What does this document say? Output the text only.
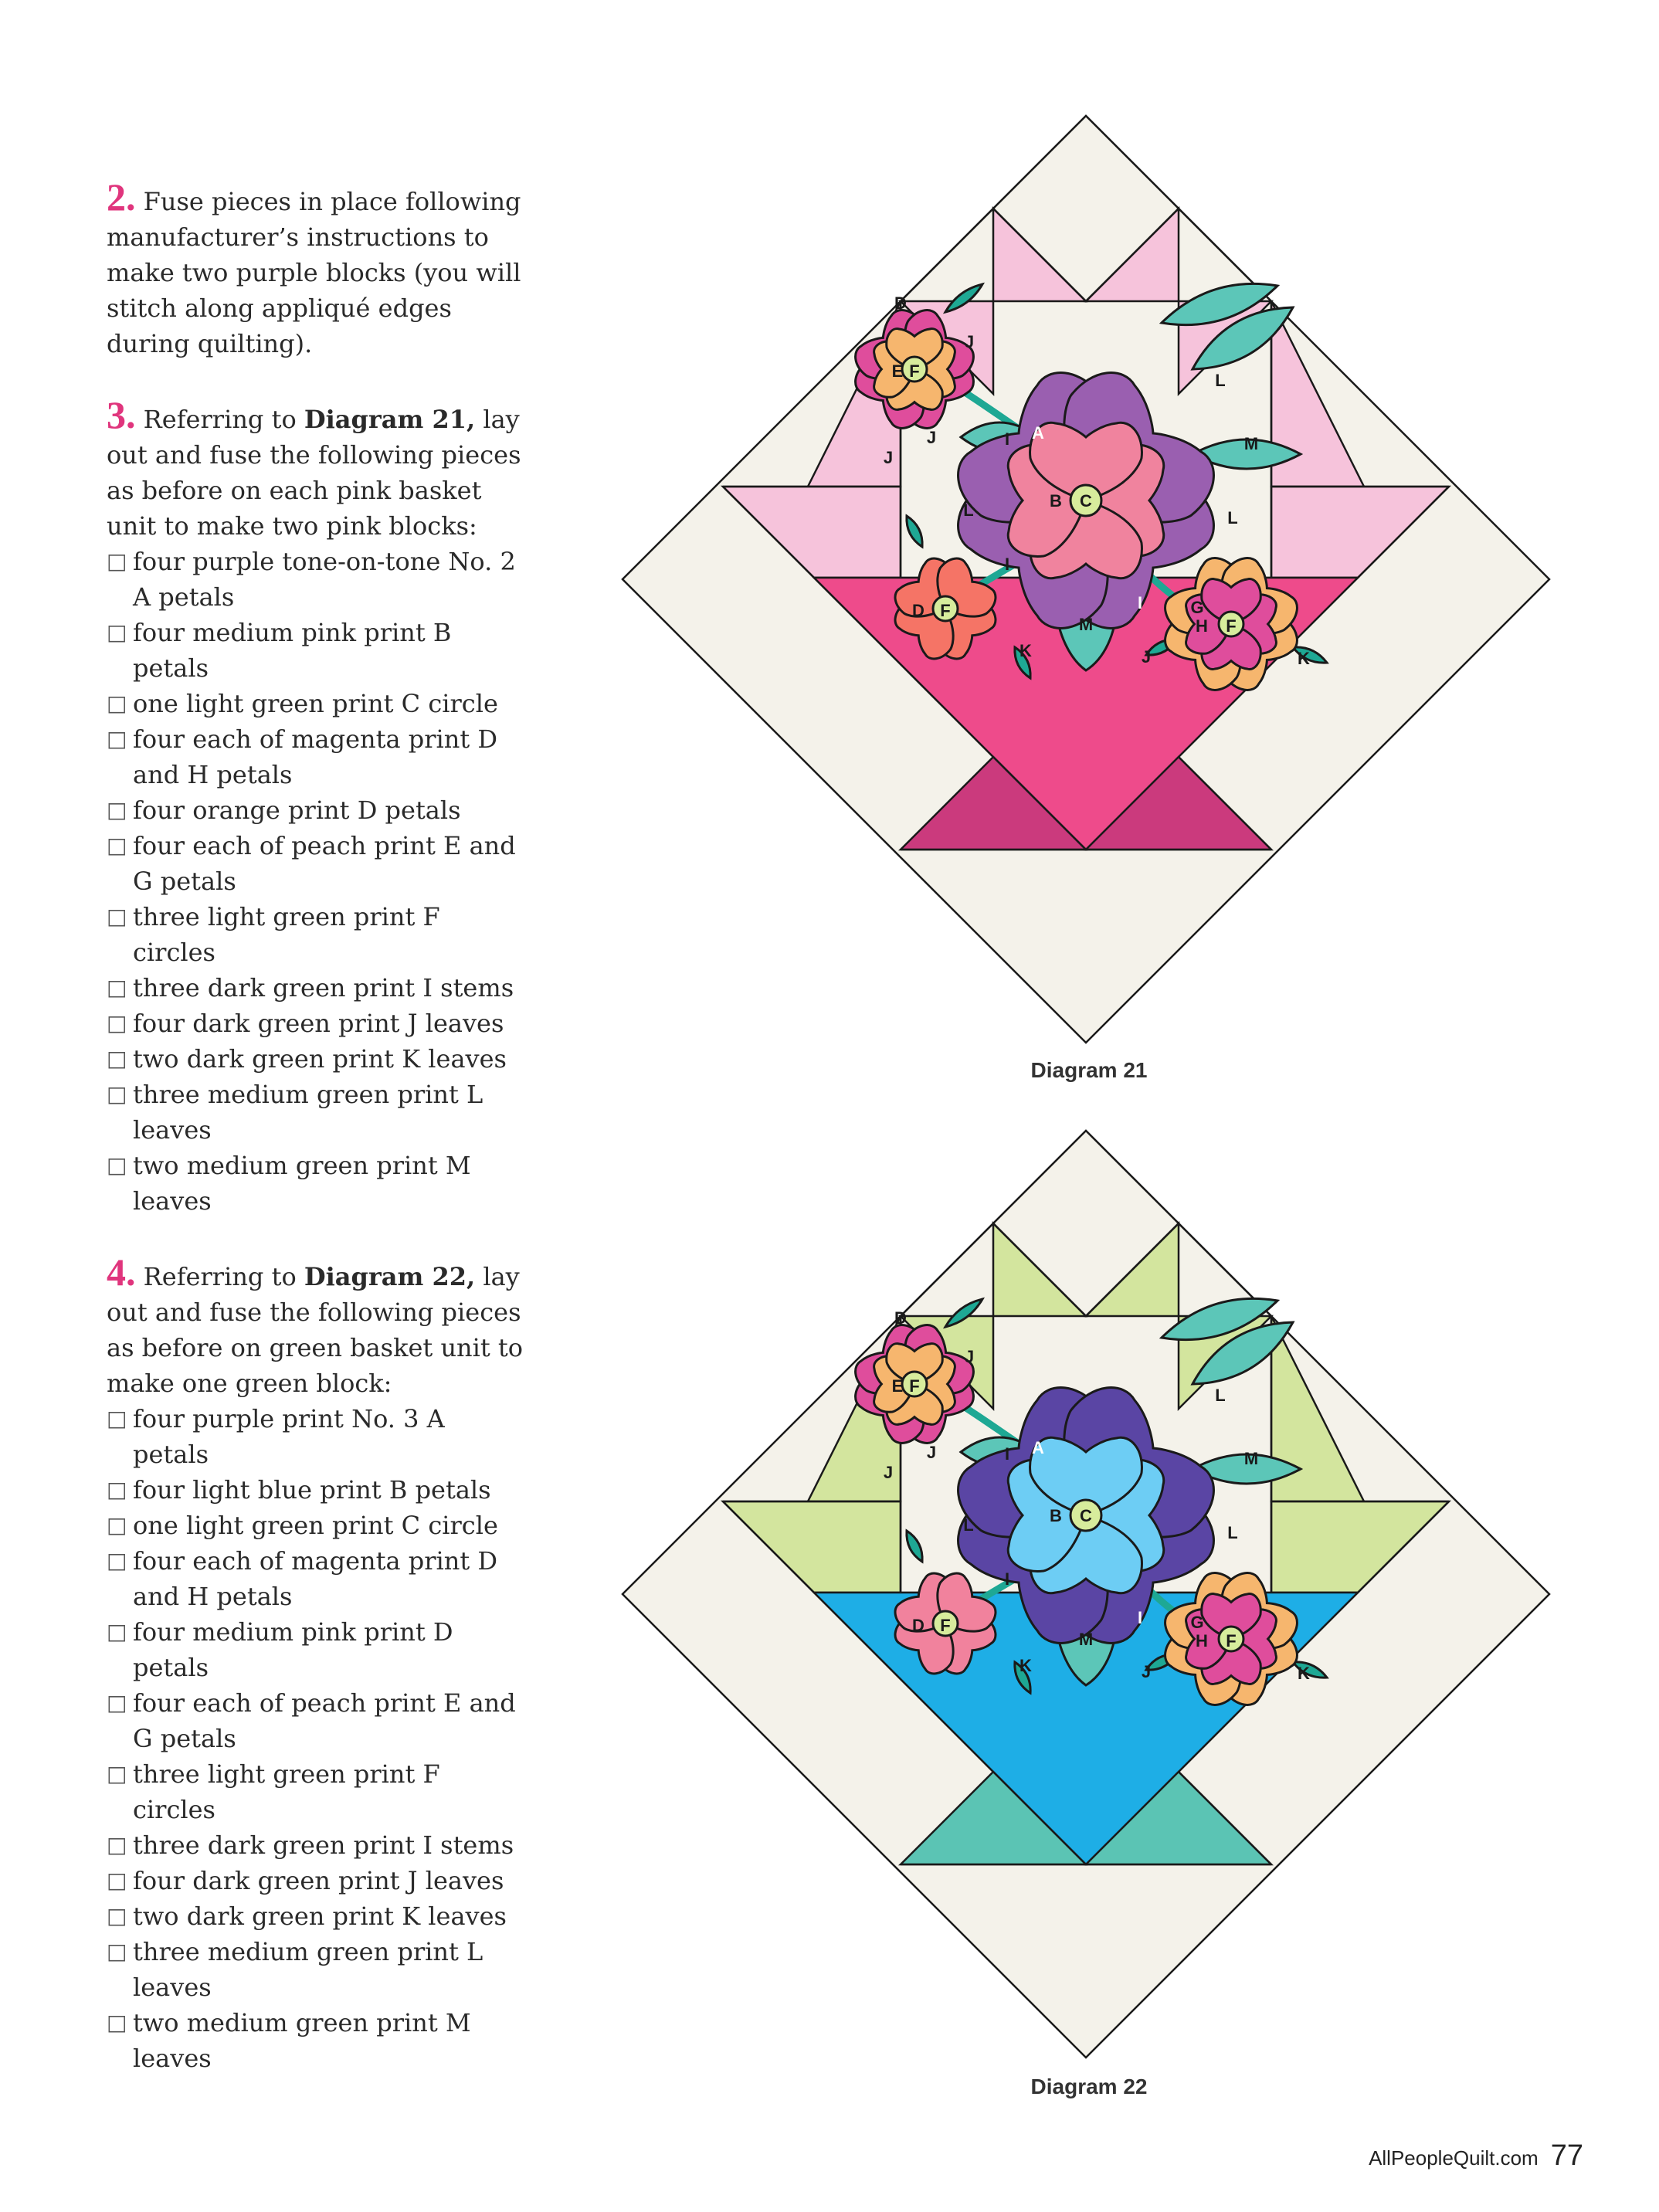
2. Fuse pieces in place following manufacturer’s instructions to make two purple blocks (you will stitch along appliqué edges during quilting).

3. Referring to Diagram 21, lay out and fuse the following pieces as before on each pink basket unit to make two pink blocks:
□ four purple tone-on-tone No. 2 A petals
□ four medium pink print B petals
□ one light green print C circle
□ four each of magenta print D and H petals
□ four orange print D petals
□ four each of peach print E and G petals
□ three light green print F circles
□ three dark green print I stems
□ four dark green print J leaves
□ two dark green print K leaves
□ three medium green print L leaves
□ two medium green print M leaves
4. Referring to Diagram 22, lay out and fuse the following pieces as before on green basket unit to make one green block:
□ four purple print No. 3 A petals
□ four light blue print B petals
□ one light green print C circle
□ four each of magenta print D and H petals
□ four medium pink print D petals
□ four each of peach print E and G petals
□ three light green print F circles
□ three dark green print I stems
□ four dark green print J leaves
□ two dark green print K leaves
□ three medium green print L leaves
□ two medium green print M leaves
A
B C
D
E F
J
D F
F
H
G
I
I
I
J
J
J
K	K
L
L
L
M
M
Diagram 21
A
B C
D
E F
J
D F
F
H
G
I
I
I
J
J
J
K	K
L
L
L
M
M
Diagram 22
AllPeopleQuilt.com 77
